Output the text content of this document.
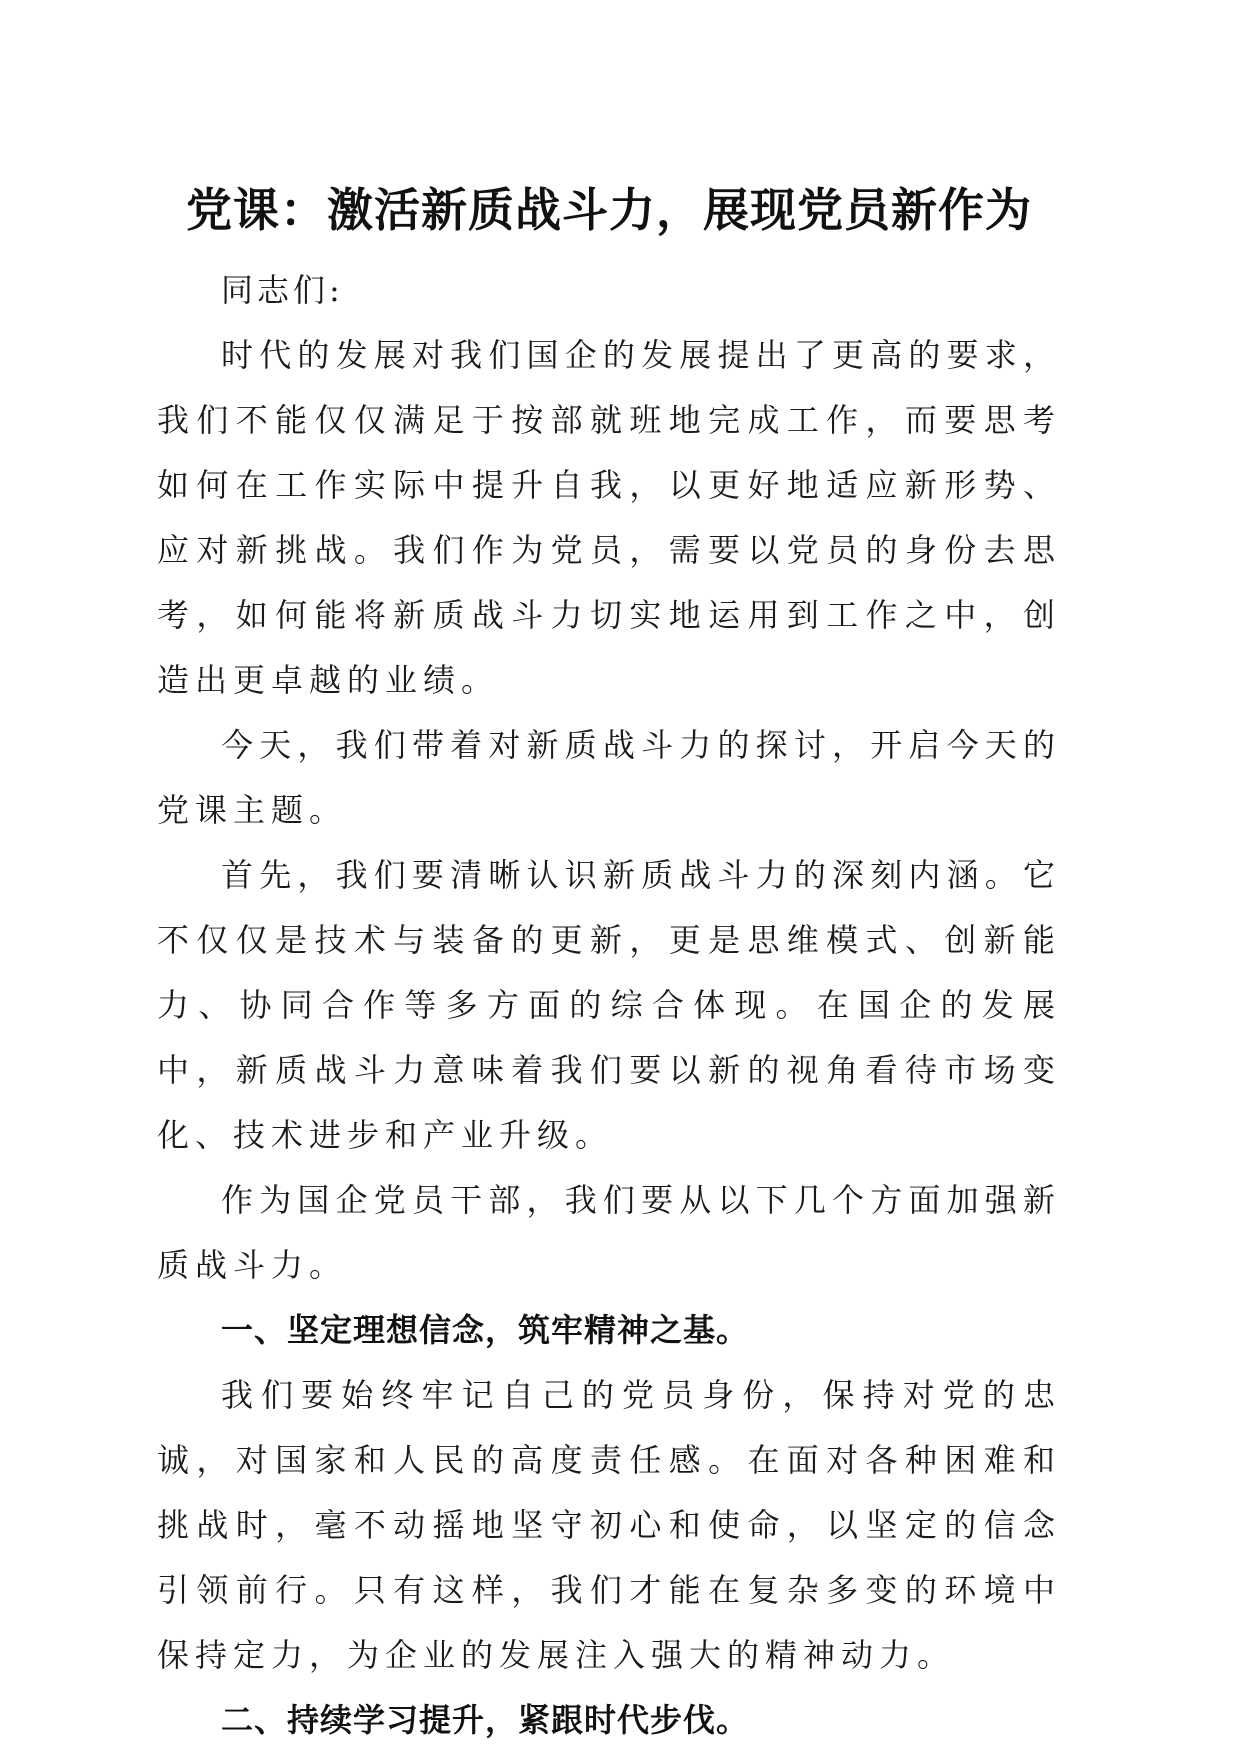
党课：激活新质战斗力，展现党员新作为

同志们:

时代的发展对我们国企的发展提出了更高的要求，我们不能仅仅满足于按部就班地完成工作，而要思考如何在工作实际中提升自我，以更好地适应新形势、应对新挑战。我们作为党员，需要以党员的身份去思考，如何能将新质战斗力切实地运用到工作之中，创造出更卓越的业绩。

今天，我们带着对新质战斗力的探讨，开启今天的党课主题。

首先，我们要清晰认识新质战斗力的深刻内涵。它不仅仅是技术与装备的更新，更是思维模式、创新能力、协同合作等多方面的综合体现。在国企的发展中，新质战斗力意味着我们要以新的视角看待市场变化、技术进步和产业升级。

作为国企党员干部，我们要从以下几个方面加强新质战斗力。

一、坚定理想信念，筑牢精神之基。

我们要始终牢记自己的党员身份，保持对党的忠诚，对国家和人民的高度责任感。在面对各种困难和挑战时，毫不动摇地坚守初心和使命，以坚定的信念引领前行。只有这样，我们才能在复杂多变的环境中保持定力，为企业的发展注入强大的精神动力。

二、持续学习提升，紧跟时代步伐。
